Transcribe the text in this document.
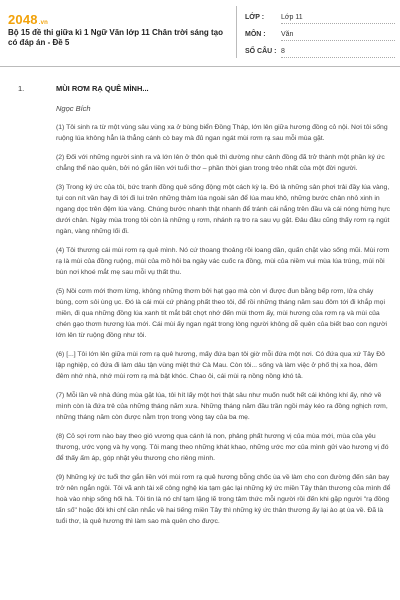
2048.vn
Bộ 15 đề thi giữa kì 1 Ngữ Văn lớp 11 Chân trời sáng tạo có đáp án - Đề 5
LỚP : Lớp 11
MÔN : Văn
SỐ CÂU : 8
1.	MÙI RƠM RẠ QUÊ MÌNH...
Ngọc Bích

(1) Tôi sinh ra từ một vùng sâu vùng xa ở bùng biển Đồng Tháp, lớn lên giữa hương đồng cỏ nội. Nơi tôi sống ruộng lúa không hẳn là thẳng cánh cò bay mà đủ ngan ngát mùi rơm rạ sau mỗi mùa gặt.

(2) Đối với những người sinh ra và lớn lên ở thôn quê thì dường như cảnh đồng đã trở thành một phần ký ức chẳng thể nào quên, bởi nó gắn liền với tuổi thơ – phần thời gian trong trẻo nhất của một đời người.

(3) Trong ký ức của tôi, bức tranh đồng quê sống động một cách kỳ lạ. Đó là những sân phơi trải đầy lúa vàng, tụi con nít vần hay đi tới đi lui trên những thảm lúa ngoài sân để lúa mau khô, những bước chân nhỏ xinh in ngang dọc trên đệm lúa vàng. Chúng bước nhanh thật nhanh để tránh cái nắng trên đầu và cái nóng hừng hực dưới chân. Ngày mùa trong tôi còn là những ụ rơm, nhánh rạ tro ra sau vụ gặt. Đâu đâu cũng thấy rơm rạ ngút ngàn, vàng những lối đi.

(4) Tôi thương cái mùi rơm rạ quê mình. Nó cứ thoang thoảng rồi loang dần, quấn chặt vào sống mũi. Mùi rơm rạ là mùi của đồng ruộng, mùi của mồ hôi ba ngày vác cuốc ra đồng, mùi của niềm vui mùa lúa trúng, mùi nồi bùn nơi khoé mắt mẹ sau mỗi vụ thất thu.

(5) Nồi cơm mới thơm lừng, không những thơm bởi hạt gạo mà còn vì được đun bằng bếp rơm, lửa cháy bùng, cơm sôi ùng ục. Đó là cái mùi cứ phảng phất theo tôi, để rồi những tháng năm sau đôm tới đi khắp mọi miền, đi qua những đồng lúa xanh tít mắt bất chợt nhớ đến mùi thơm ấy, mùi hương của rơm rạ và mùi của chén gạo thơm hương lúa mới. Cái mùi ấy ngan ngát trong lòng người không dễ quên của biết bao con người lớn lên từ ruộng đồng như tôi.

(6) [...] Tôi lớn lên giữa mùi rơm rạ quê hương, mấy đứa bạn tôi giờ mỗi đứa một nơi. Có đứa qua xứ Tây Đô lập nghiệp, có đứa đi làm dâu tận vùng miệt thứ Cà Mau. Còn tôi... sống và làm việc ở phố thị xa hoa, đêm đêm nhớ nhà, nhớ mùi rơm rạ mà bật khóc. Chao ôi, cái mùi rạ nồng nồng khó tả.

(7) Mỗi lần về nhà đúng mùa gặt lúa, tôi hít lấy một hơi thật sâu như muốn nuốt hết cái không khí ấy, nhớ về mình còn là đứa trẻ của những tháng năm xưa. Những tháng năm đầu trần ngồi máy kéo ra đồng nghịch rơm, những tháng năm còn được nằm trọn trong vòng tay của ba mẹ.

(8) Cỏ sợi rơm nào bay theo gió vương qua cánh lá non, phảng phất hương vị của mùa mới, mùa của yêu thương, ước vọng và hy vọng. Tôi mang theo những khát khao, những ước mơ của mình gửi vào hương vị đó để thấy ấm áp, góp nhặt yêu thương cho riêng mình.

(9) Những ký ức tuổi thơ gắn liền với mùi rơm rạ quê hương bỗng chốc ùa về làm cho con đường đến sân bay trở nên ngắn ngủi. Tôi vã anh tài xế công nghệ kia tạm gác lại những ký ức miền Tây thân thương của mình để hoà vào nhịp sống hối hả. Tôi tin là nó chỉ tạm lặng lẽ trong tâm thức mỗi người rồi đến khi gặp người "rạ đồng tấn số" hoặc đôi khi chỉ cần nhắc về hai tiếng miền Tây thì những ký ức thân thương ấy lại ào ạt ùa về. Đã là tuổi thơ, là quê hương thì làm sao mà quên cho được.
